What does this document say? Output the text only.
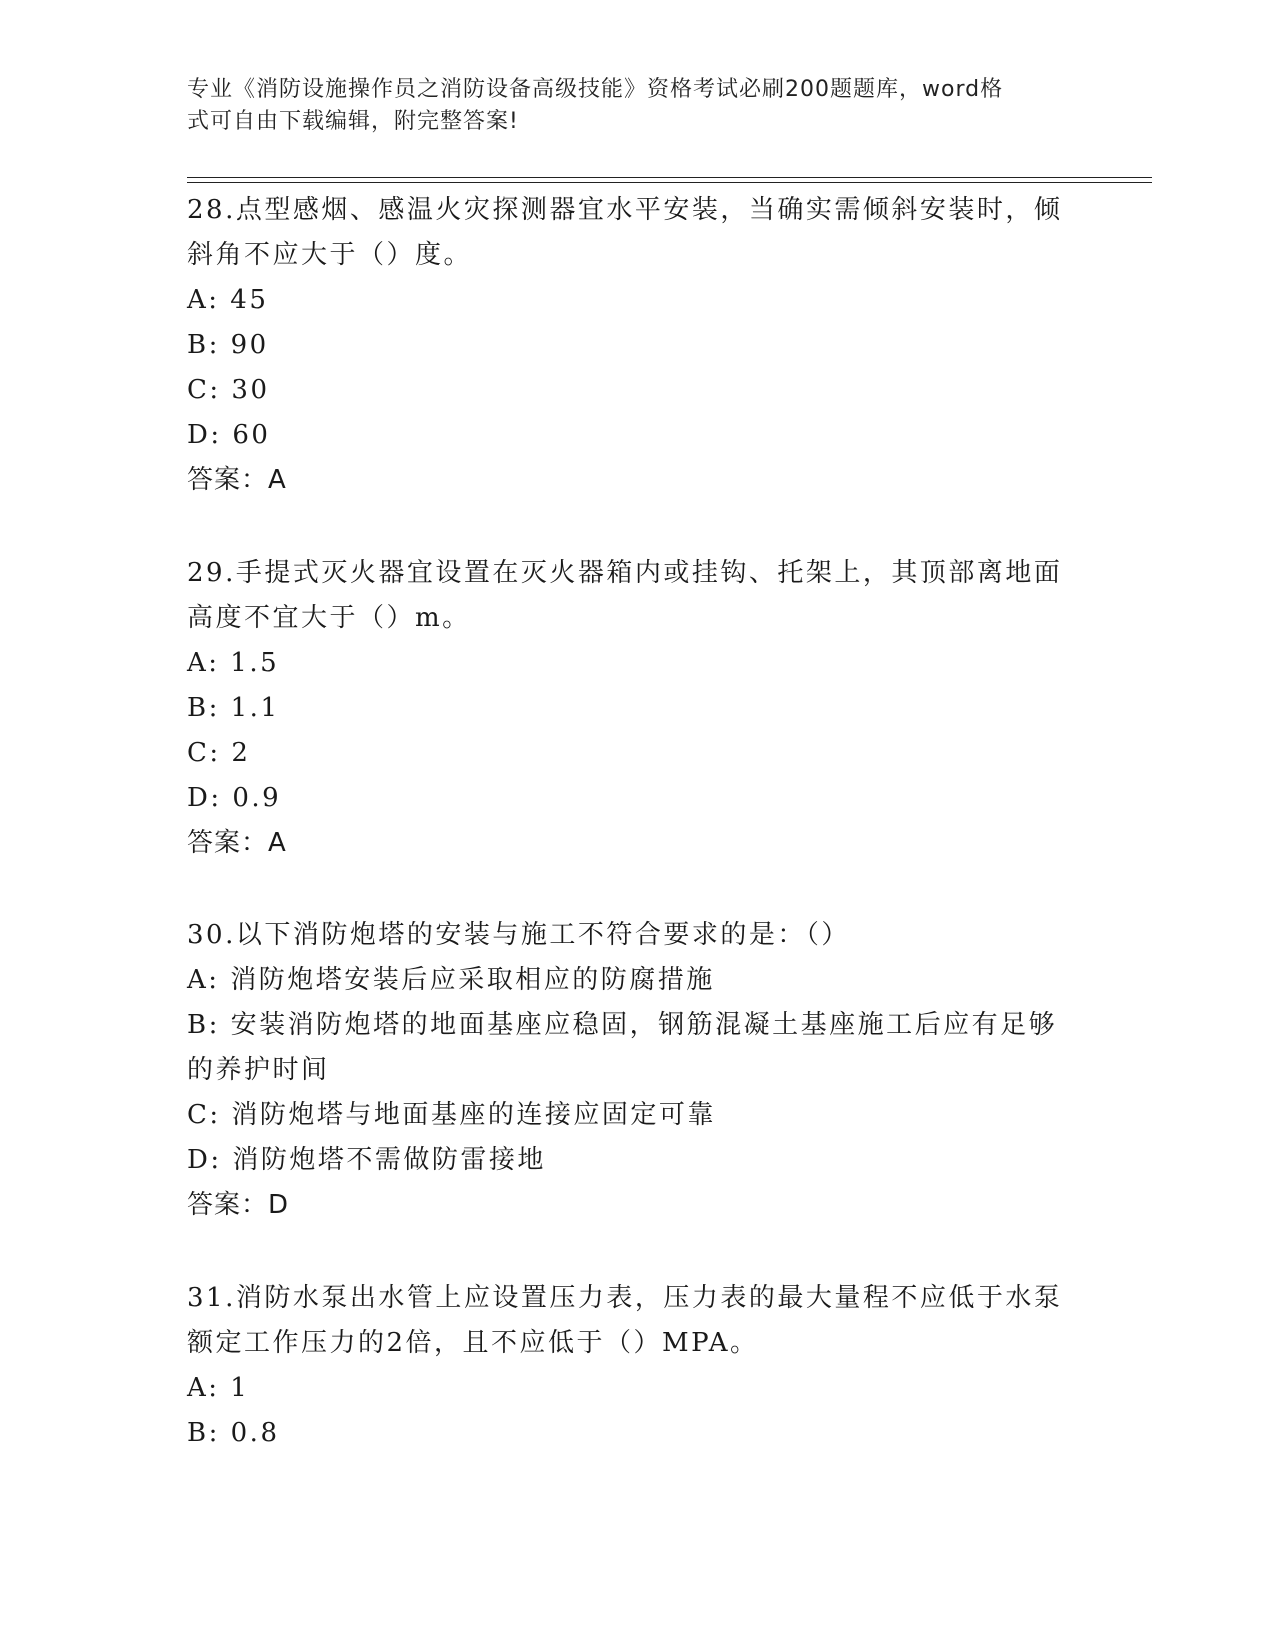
专业《消防设施操作员之消防设备高级技能》资格考试必刷200题题库，word格
式可自由下载编辑，附完整答案!

28.点型感烟、感温火灾探测器宜水平安装，当确实需倾斜安装时，倾

斜角不应大于（）度。

A: 45

B: 90

C: 30

D: 60

答案：A

29.手提式灭火器宜设置在灭火器箱内或挂钩、托架上，其顶部离地面

高度不宜大于（）m。

A: 1.5

B: 1.1

C: 2

D: 0.9

答案：A

30.以下消防炮塔的安装与施工不符合要求的是：（）

A: 消防炮塔安装后应采取相应的防腐措施

B: 安装消防炮塔的地面基座应稳固，钢筋混凝土基座施工后应有足够

的养护时间

C: 消防炮塔与地面基座的连接应固定可靠

D: 消防炮塔不需做防雷接地

答案：D

31.消防水泵出水管上应设置压力表，压力表的最大量程不应低于水泵

额定工作压力的2倍，且不应低于（）MPA。

A: 1

B: 0.8
